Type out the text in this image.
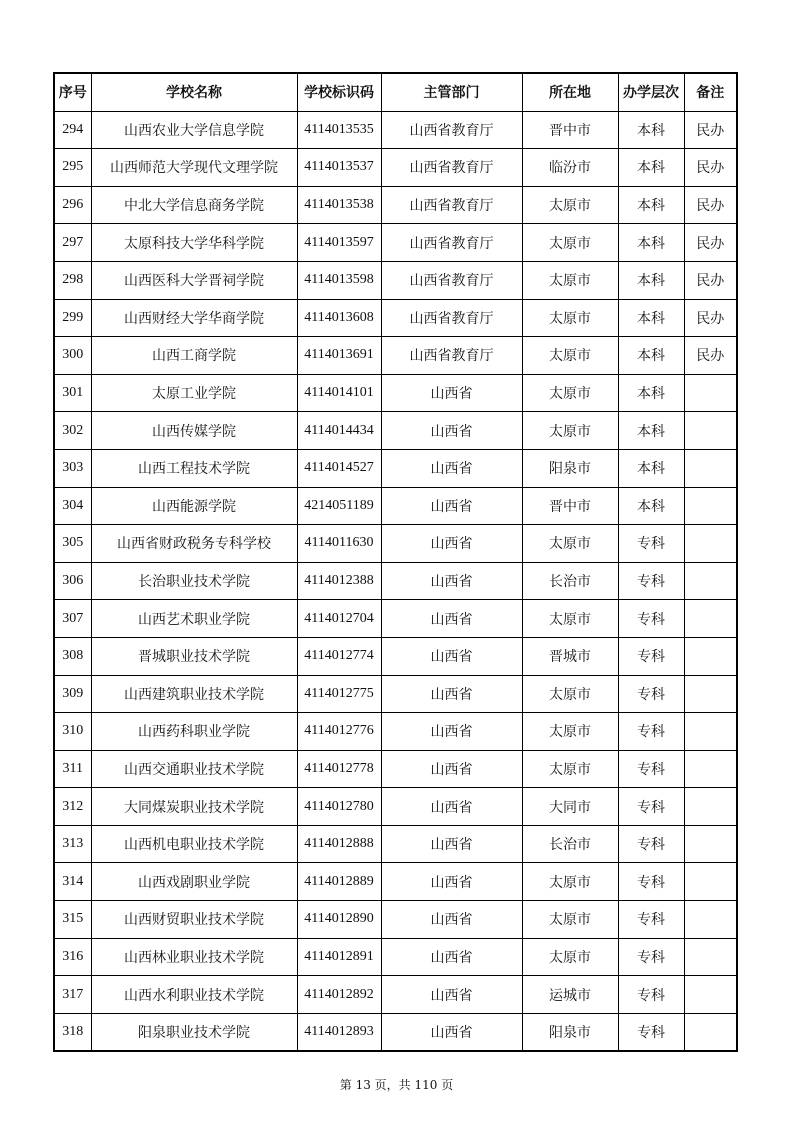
序号	学校名称	学校标识码	主管部门	所在地	办学层次	备注
294	山西农业大学信息学院	4114013535	山西省教育厅	晋中市	本科	民办
295	山西师范大学现代文理学院	4114013537	山西省教育厅	临汾市	本科	民办
296	中北大学信息商务学院	4114013538	山西省教育厅	太原市	本科	民办
297	太原科技大学华科学院	4114013597	山西省教育厅	太原市	本科	民办
298	山西医科大学晋祠学院	4114013598	山西省教育厅	太原市	本科	民办
299	山西财经大学华商学院	4114013608	山西省教育厅	太原市	本科	民办
300	山西工商学院	4114013691	山西省教育厅	太原市	本科	民办
301	太原工业学院	4114014101	山西省	太原市	本科	
302	山西传媒学院	4114014434	山西省	太原市	本科	
303	山西工程技术学院	4114014527	山西省	阳泉市	本科	
304	山西能源学院	4214051189	山西省	晋中市	本科	
305	山西省财政税务专科学校	4114011630	山西省	太原市	专科	
306	长治职业技术学院	4114012388	山西省	长治市	专科	
307	山西艺术职业学院	4114012704	山西省	太原市	专科	
308	晋城职业技术学院	4114012774	山西省	晋城市	专科	
309	山西建筑职业技术学院	4114012775	山西省	太原市	专科	
310	山西药科职业学院	4114012776	山西省	太原市	专科	
311	山西交通职业技术学院	4114012778	山西省	太原市	专科	
312	大同煤炭职业技术学院	4114012780	山西省	大同市	专科	
313	山西机电职业技术学院	4114012888	山西省	长治市	专科	
314	山西戏剧职业学院	4114012889	山西省	太原市	专科	
315	山西财贸职业技术学院	4114012890	山西省	太原市	专科	
316	山西林业职业技术学院	4114012891	山西省	太原市	专科	
317	山西水利职业技术学院	4114012892	山西省	运城市	专科	
318	阳泉职业技术学院	4114012893	山西省	阳泉市	专科	
第 13 页，共 110 页
